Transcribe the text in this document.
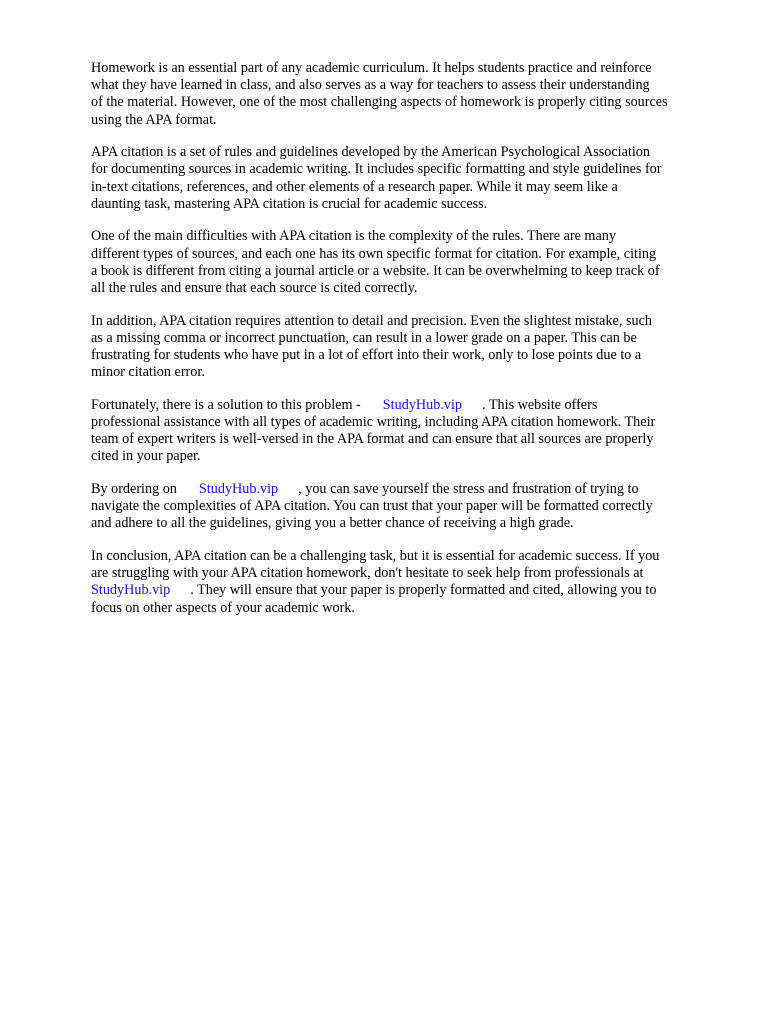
Homework is an essential part of any academic curriculum. It helps students practice and reinforce
what they have learned in class, and also serves as a way for teachers to assess their understanding
of the material. However, one of the most challenging aspects of homework is properly citing sources
using the APA format.

APA citation is a set of rules and guidelines developed by the American Psychological Association
for documenting sources in academic writing. It includes specific formatting and style guidelines for
in-text citations, references, and other elements of a research paper. While it may seem like a
daunting task, mastering APA citation is crucial for academic success.

One of the main difficulties with APA citation is the complexity of the rules. There are many
different types of sources, and each one has its own specific format for citation. For example, citing
a book is different from citing a journal article or a website. It can be overwhelming to keep track of
all the rules and ensure that each source is cited correctly.

In addition, APA citation requires attention to detail and precision. Even the slightest mistake, such
as a missing comma or incorrect punctuation, can result in a lower grade on a paper. This can be
frustrating for students who have put in a lot of effort into their work, only to lose points due to a
minor citation error.

Fortunately, there is a solution to this problem - StudyHub.vip . This website offers
professional assistance with all types of academic writing, including APA citation homework. Their
team of expert writers is well-versed in the APA format and can ensure that all sources are properly
cited in your paper.

By ordering on StudyHub.vip , you can save yourself the stress and frustration of trying to
navigate the complexities of APA citation. You can trust that your paper will be formatted correctly
and adhere to all the guidelines, giving you a better chance of receiving a high grade.

In conclusion, APA citation can be a challenging task, but it is essential for academic success. If you
are struggling with your APA citation homework, don't hesitate to seek help from professionals at
StudyHub.vip . They will ensure that your paper is properly formatted and cited, allowing you to
focus on other aspects of your academic work.
